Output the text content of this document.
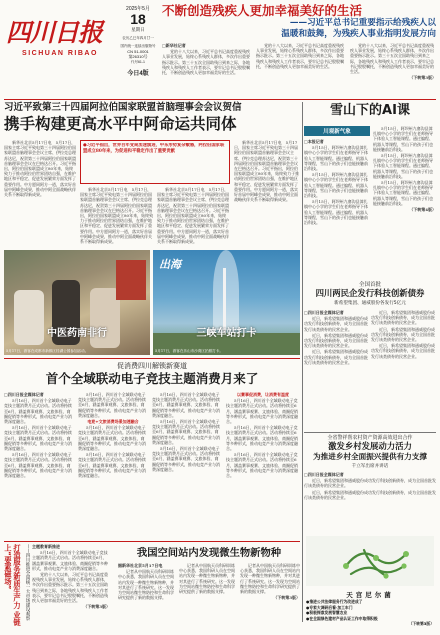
四川日报
SICHUAN RIBAO
2025年5月
18
星期日
农历乙巳年四月廿一
国内统一连续出版物号
CN 51-0001
第26310号
代号61-1
今日4版
不断创造残疾人更加幸福美好的生活
——习近平总书记重要指示给残疾人以
温暖和鼓舞，为残疾人事业指明发展方向

□新华社记者

党的十八大以来，习近平总书记高度重视残疾人事业发展，始终心系残疾人群体，多次作出重要指示批示。第三十五次全国助残日到来之际，各地残疾人和残疾人工作者表示，要牢记总书记殷殷嘱托，不断创造残疾人更加幸福美好的生活。

党的十八大以来，习近平总书记高度重视残疾人事业发展，始终心系残疾人群体，多次作出重要指示批示。第三十五次全国助残日到来之际，各地残疾人和残疾人工作者表示，要牢记总书记殷殷嘱托，不断创造残疾人更加幸福美好的生活。

党的十八大以来，习近平总书记高度重视残疾人事业发展，始终心系残疾人群体，多次作出重要指示批示。第三十五次全国助残日到来之际，各地残疾人和残疾人工作者表示，要牢记总书记殷殷嘱托，不断创造残疾人更加幸福美好的生活。

（下转第3版）

习近平致第三十四届阿拉伯国家联盟首脑理事会会议贺信
携手构建更高水平中阿命运共同体

新华社北京5月17日电　5月17日，国家主席习近平致电第三十四届阿拉伯国家联盟首脑理事会会议主席、伊拉克总理苏达尼，祝贺第三十四届阿拉伯国家联盟首脑理事会会议在巴格达召开。习近平指出，阿拉伯国家联盟成立80年来，始终致力于推动阿拉伯世界团结自强，在维护地区和平稳定、促进发展繁荣方面发挥了重要作用。中方愿同阿方一道，落实好首届中阿峰会成果，推动中阿全面战略伙伴关系不断取得新成果。

●习近平指出，世界百年变局加速演进，中东形势复杂敏感，阿拉伯国家联盟成立80年来，为促进和平稳定作出了重要贡献

新华社北京5月17日电　5月17日，国家主席习近平致电第三十四届阿拉伯国家联盟首脑理事会会议主席、伊拉克总理苏达尼，祝贺第三十四届阿拉伯国家联盟首脑理事会会议在巴格达召开。习近平指出，阿拉伯国家联盟成立80年来，始终致力于推动阿拉伯世界团结自强，在维护地区和平稳定、促进发展繁荣方面发挥了重要作用。中方愿同阿方一道，落实好首届中阿峰会成果，推动中阿全面战略伙伴关系不断取得新成果。

新华社北京5月17日电　5月17日，国家主席习近平致电第三十四届阿拉伯国家联盟首脑理事会会议主席、伊拉克总理苏达尼，祝贺第三十四届阿拉伯国家联盟首脑理事会会议在巴格达召开。习近平指出，阿拉伯国家联盟成立80年来，始终致力于推动阿拉伯世界团结自强，在维护地区和平稳定、促进发展繁荣方面发挥了重要作用。中方愿同阿方一道，落实好首届中阿峰会成果，推动中阿全面战略伙伴关系不断取得新成果。

新华社北京5月17日电　5月17日，国家主席习近平致电第三十四届阿拉伯国家联盟首脑理事会会议主席、伊拉克总理苏达尼，祝贺第三十四届阿拉伯国家联盟首脑理事会会议在巴格达召开。习近平指出，阿拉伯国家联盟成立80年来，始终致力于推动阿拉伯世界团结自强，在维护地区和平稳定、促进发展繁荣方面发挥了重要作用。中方愿同阿方一道，落实好首届中阿峰会成果，推动中阿全面战略伙伴关系不断取得新成果。

中医药南非行
5月17日，游客在成都市新都区桂湖公园参加活动。
出海
三峡车站打卡
5月17日，游客在乐山市沙湾区拍照打卡。
雪山下的AI课
川观新气象

□本报记者

5月15日，阿坝州九寨沟县漳扎镇中心小学的学生们在老师指导下体验人工智能课程。通过编程、机器人等课程，雪山下的孩子们也能接触前沿科技。

5月15日，阿坝州九寨沟县漳扎镇中心小学的学生们在老师指导下体验人工智能课程。通过编程、机器人等课程，雪山下的孩子们也能接触前沿科技。

5月15日，阿坝州九寨沟县漳扎镇中心小学的学生们在老师指导下体验人工智能课程。通过编程、机器人等课程，雪山下的孩子们也能接触前沿科技。

5月15日，阿坝州九寨沟县漳扎镇中心小学的学生们在老师指导下体验人工智能课程。通过编程、机器人等课程，雪山下的孩子们也能接触前沿科技。

5月15日，阿坝州九寨沟县漳扎镇中心小学的学生们在老师指导下体验人工智能课程。通过编程、机器人等课程，雪山下的孩子们也能接触前沿科技。

5月15日，阿坝州九寨沟县漳扎镇中心小学的学生们在老师指导下体验人工智能课程。通过编程、机器人等课程，雪山下的孩子们也能接触前沿科技。

（下转第4版）

全国首批
四川两民企发行科技创新债券
新希望集团、通威股份各发行5亿元

□四川日报全媒体记者

近日，新希望集团和通威股份成功发行科技创新债券，成为全国首批发行该类债券的民营企业。

近日，新希望集团和通威股份成功发行科技创新债券，成为全国首批发行该类债券的民营企业。

近日，新希望集团和通威股份成功发行科技创新债券，成为全国首批发行该类债券的民营企业。

近日，新希望集团和通威股份成功发行科技创新债券，成为全国首批发行该类债券的民营企业。

近日，新希望集团和通威股份成功发行科技创新债券，成为全国首批发行该类债券的民营企业。

近日，新希望集团和通威股份成功发行科技创新债券，成为全国首批发行该类债券的民营企业。

促消费四川解锁新赛道
首个全域联动电子竞技主题消费月来了

□四川日报全媒体记者

5月16日，四川首个全域联动电子竞技主题消费月正式启动。活动将持续至6月，涵盖赛事观赛、文旅体验、商圈促销等多种形式，推动电竞产业与消费深度融合。

5月16日，四川首个全域联动电子竞技主题消费月正式启动。活动将持续至6月，涵盖赛事观赛、文旅体验、商圈促销等多种形式，推动电竞产业与消费深度融合。

5月16日，四川首个全域联动电子竞技主题消费月正式启动。活动将持续至6月，涵盖赛事观赛、文旅体验、商圈促销等多种形式，推动电竞产业与消费深度融合。

5月16日，四川首个全域联动电子竞技主题消费月正式启动。活动将持续至6月，涵盖赛事观赛、文旅体验、商圈促销等多种形式，推动电竞产业与消费深度融合。

电竞+文旅消费场景加速融合

5月16日，四川首个全域联动电子竞技主题消费月正式启动。活动将持续至6月，涵盖赛事观赛、文旅体验、商圈促销等多种形式，推动电竞产业与消费深度融合。

5月16日，四川首个全域联动电子竞技主题消费月正式启动。活动将持续至6月，涵盖赛事观赛、文旅体验、商圈促销等多种形式，推动电竞产业与消费深度融合。

5月16日，四川首个全域联动电子竞技主题消费月正式启动。活动将持续至6月，涵盖赛事观赛、文旅体验、商圈促销等多种形式，推动电竞产业与消费深度融合。

5月16日，四川首个全域联动电子竞技主题消费月正式启动。活动将持续至6月，涵盖赛事观赛、文旅体验、商圈促销等多种形式，推动电竞产业与消费深度融合。

5月16日，四川首个全域联动电子竞技主题消费月正式启动。活动将持续至6月，涵盖赛事观赛、文旅体验、商圈促销等多种形式，推动电竞产业与消费深度融合。

以赛事促消费，让消费有温度

5月16日，四川首个全域联动电子竞技主题消费月正式启动。活动将持续至6月，涵盖赛事观赛、文旅体验、商圈促销等多种形式，推动电竞产业与消费深度融合。

5月16日，四川首个全域联动电子竞技主题消费月正式启动。活动将持续至6月，涵盖赛事观赛、文旅体验、商圈促销等多种形式，推动电竞产业与消费深度融合。

5月16日，四川首个全域联动电子竞技主题消费月正式启动。活动将持续至6月，涵盖赛事观赛、文旅体验、商圈促销等多种形式，推动电竞产业与消费深度融合。

全省警祥帮农村资产资源高效进出合作
激发乡村发展动力活力
为推进乡村全面振兴提供有力支撑
千立军出席并讲话

□四川日报全媒体记者

近日，新希望集团和通威股份成功发行科技创新债券，成为全国首批发行该类债券的民营企业。

近日，新希望集团和通威股份成功发行科技创新债券，成为全国首批发行该类债券的民营企业。

打造服务新质生产力 业链上“要素磁场”	——四川推进全国统一大市场建设观察 主题教育新推进

5月16日，四川首个全域联动电子竞技主题消费月正式启动。活动将持续至6月，涵盖赛事观赛、文旅体验、商圈促销等多种形式，推动电竞产业与消费深度融合。

党的十八大以来，习近平总书记高度重视残疾人事业发展，始终心系残疾人群体，多次作出重要指示批示。第三十五次全国助残日到来之际，各地残疾人和残疾人工作者表示，要牢记总书记殷殷嘱托，不断创造残疾人更加幸福美好的生活。

（下转第3版）

我国空间站内发现微生物新物种

据新华社北京5月17日电

记者从中国航天员科研训练中心获悉，我国科研人员在空间站内发现一种微生物新物种，并对其进行了系统研究。这一发现为空间站微生物防控和生命科学研究提供了新的数据支撑。

记者从中国航天员科研训练中心获悉，我国科研人员在空间站内发现一种微生物新物种，并对其进行了系统研究。这一发现为空间站微生物防控和生命科学研究提供了新的数据支撑。

记者从中国航天员科研训练中心获悉，我国科研人员在空间站内发现一种微生物新物种，并对其进行了系统研究。这一发现为空间站微生物防控和生命科学研究提供了新的数据支撑。

（下转第3版）	天宫尼尔菌
●推进公共法律服务行为改进成了
●专家大调研后看·加工车门
●积极探索发展智慧农业
●在全国绿色建材产品认证工作中取得积极
（下转第3版）
